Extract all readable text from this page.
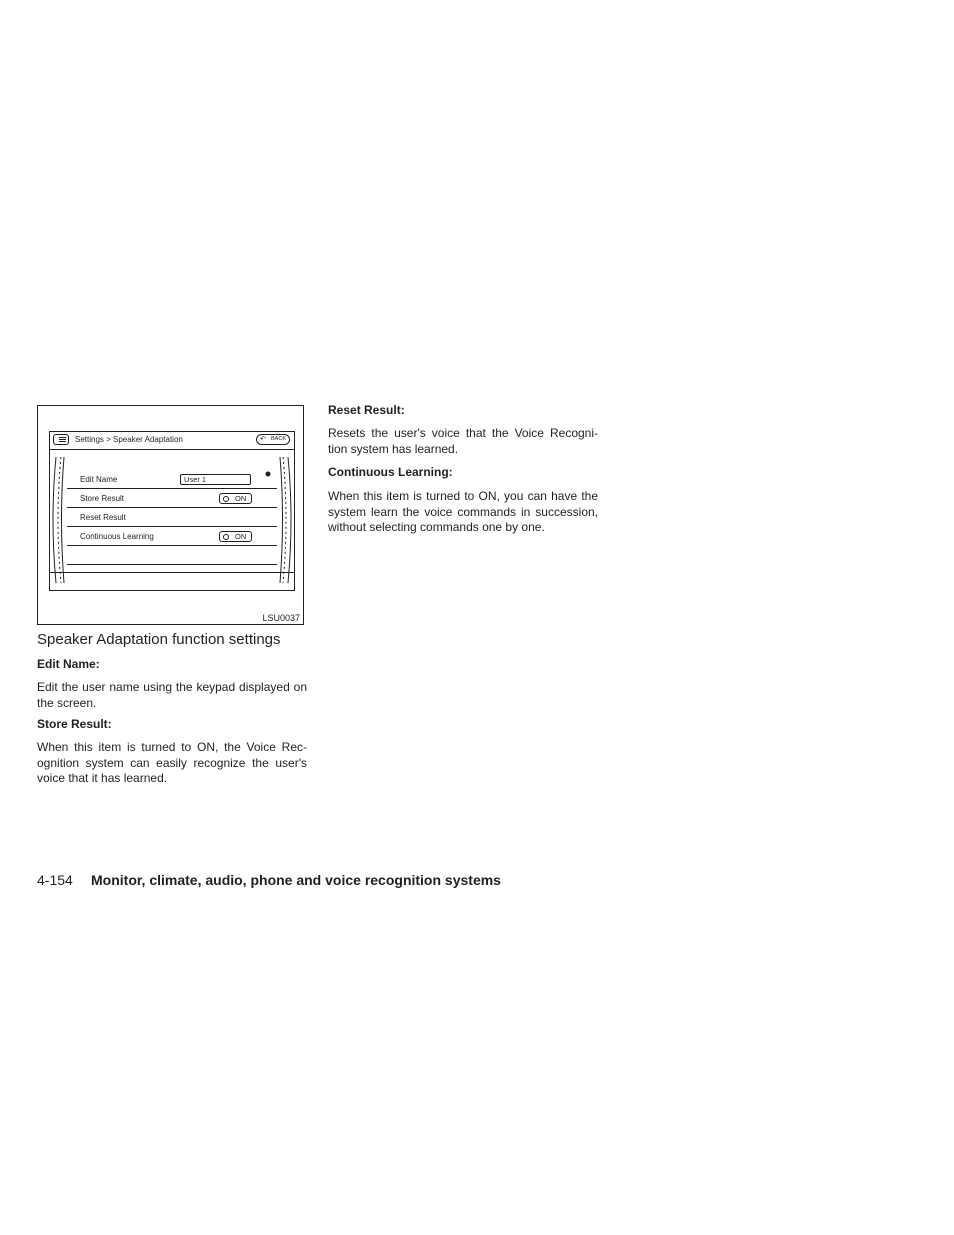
Settings > Speaker Adaptation	↶ BACK
Edit Name	User 1
Store Result	ON
Reset Result
Continuous Learning	ON
LSU0037
Speaker Adaptation function settings
Edit Name:
Edit the user name using the keypad displayed on the screen.
Store Result:
When this item is turned to ON, the Voice Rec-ognition system can easily recognize the user's voice that it has learned.
Reset Result:
Resets the user's voice that the Voice Recogni-tion system has learned.
Continuous Learning:
When this item is turned to ON, you can have the system learn the voice commands in succession, without selecting commands one by one.
4-154 Monitor, climate, audio, phone and voice recognition systems
